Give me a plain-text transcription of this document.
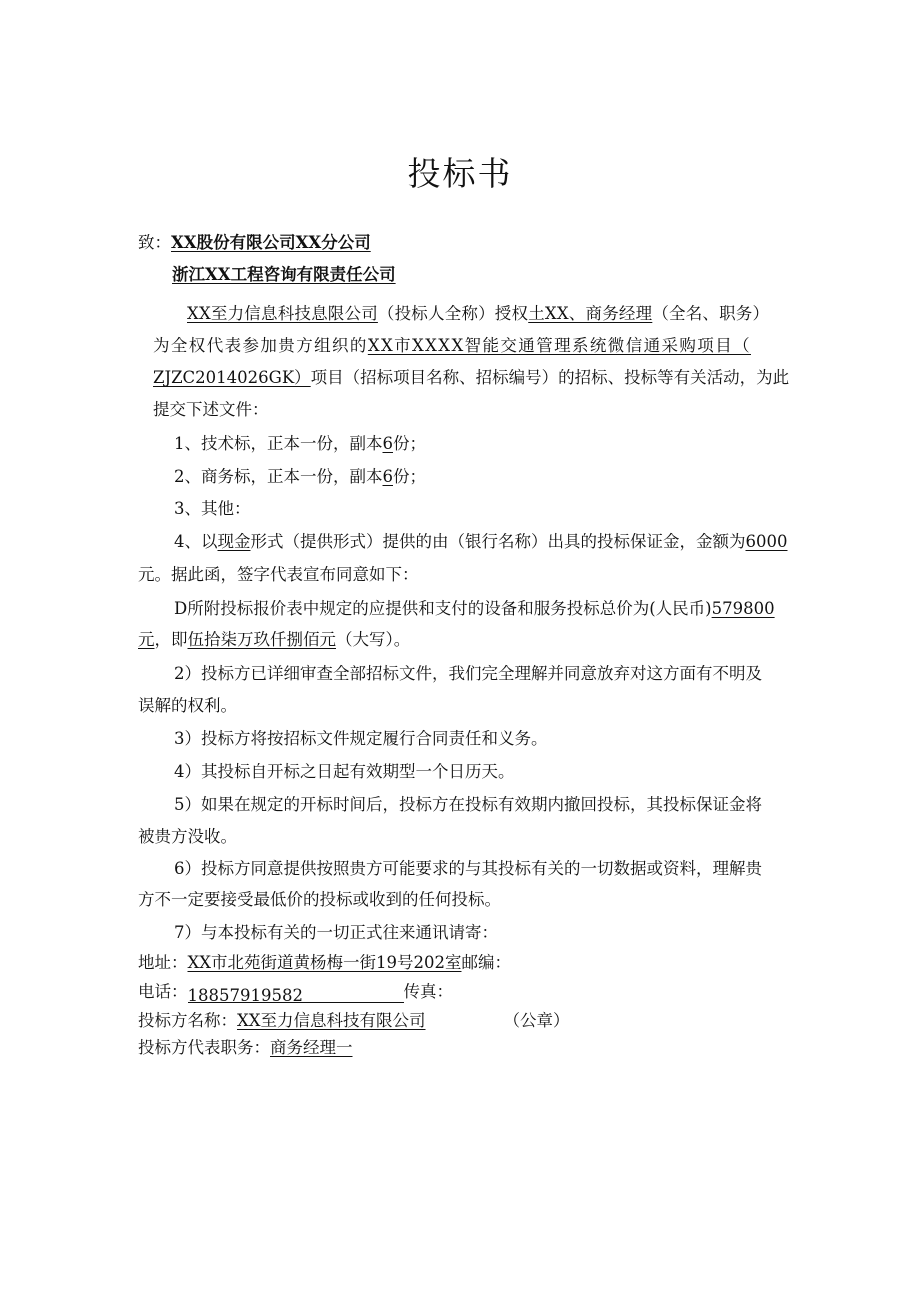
投标书
致：XX股份有限公司XX分公司
浙江XX工程咨询有限责任公司
XX至力信息科技息限公司（投标人全称）授权土XX、商务经理（全名、职务）
为全权代表参加贵方组织的XX市XXXX智能交通管理系统微信通采购项目（
ZJZC2014026GK）项目（招标项目名称、招标编号）的招标、投标等有关活动，为此
提交下述文件：
1、技术标，正本一份，副本6份；
2、商务标，正本一份，副本6份；
3、其他：
4、以现金形式（提供形式）提供的由（银行名称）出具的投标保证金，金额为6000
元。据此函，签字代表宣布同意如下：
D所附投标报价表中规定的应提供和支付的设备和服务投标总价为(人民币)579800
元，即伍拾柒万玖仟捌佰元（大写）。
2）投标方已详细审查全部招标文件，我们完全理解并同意放弃对这方面有不明及
误解的权利。
3）投标方将按招标文件规定履行合同责任和义务。
4）其投标自开标之日起有效期型一个日历天。
5）如果在规定的开标时间后，投标方在投标有效期内撤回投标，其投标保证金将
被贵方没收。
6）投标方同意提供按照贵方可能要求的与其投标有关的一切数据或资料，理解贵
方不一定要接受最低价的投标或收到的任何投标。
7）与本投标有关的一切正式往来通讯请寄：
地址：XX市北苑街道黄杨梅一街19号202室邮编：
电话：18857919582	传真：
投标方名称：XX至力信息科技有限公司	（公章）
投标方代表职务：商务经理一
